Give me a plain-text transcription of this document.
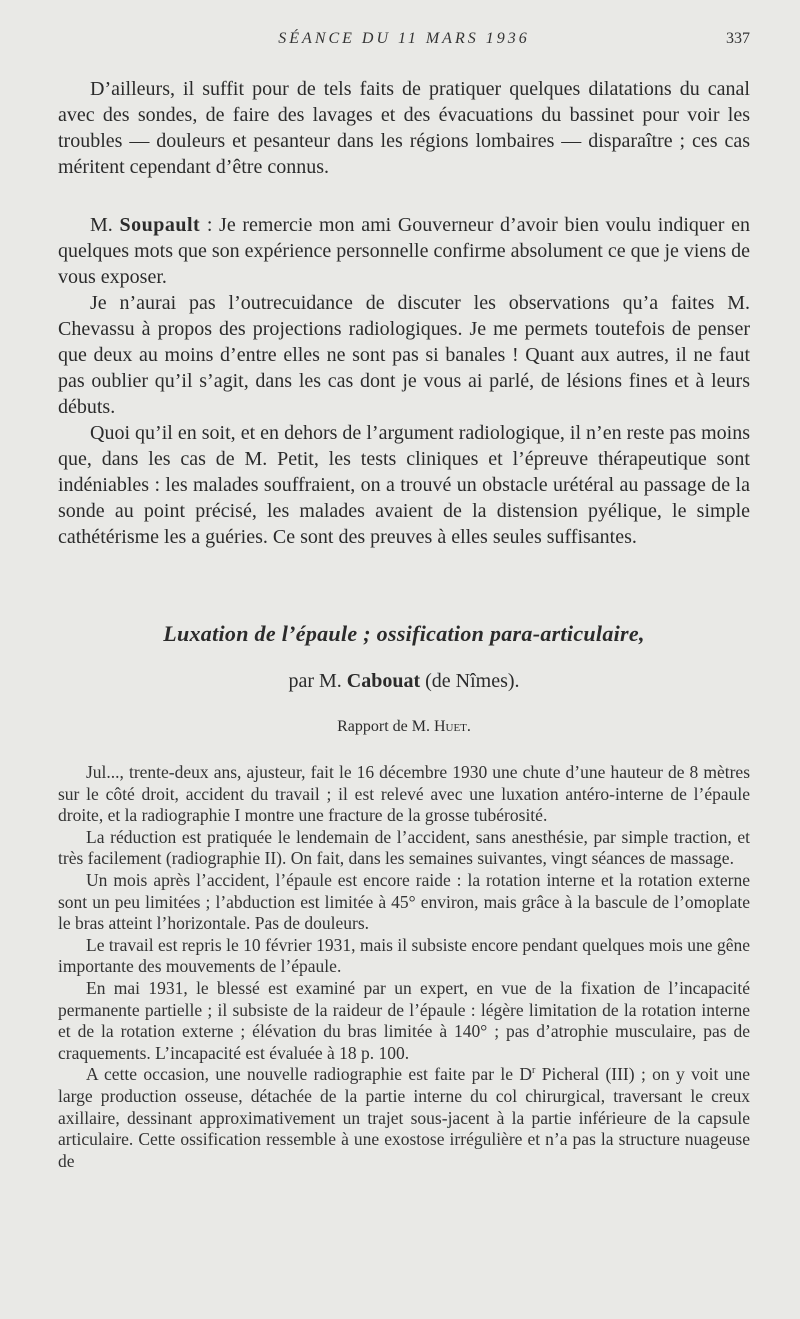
SÉANCE DU 11 MARS 1936	337

D’ailleurs, il suffit pour de tels faits de pratiquer quelques dilatations du canal avec des sondes, de faire des lavages et des évacuations du bassinet pour voir les troubles — douleurs et pesanteur dans les régions lombaires — disparaître ; ces cas méritent cependant d’être connus.

M. Soupault : Je remercie mon ami Gouverneur d’avoir bien voulu indiquer en quelques mots que son expérience personnelle confirme absolument ce que je viens de vous exposer.

Je n’aurai pas l’outrecuidance de discuter les observations qu’a faites M. Chevassu à propos des projections radiologiques. Je me permets toutefois de penser que deux au moins d’entre elles ne sont pas si banales ! Quant aux autres, il ne faut pas oublier qu’il s’agit, dans les cas dont je vous ai parlé, de lésions fines et à leurs débuts.

Quoi qu’il en soit, et en dehors de l’argument radiologique, il n’en reste pas moins que, dans les cas de M. Petit, les tests cliniques et l’épreuve thérapeutique sont indéniables : les malades souffraient, on a trouvé un obstacle urétéral au passage de la sonde au point précisé, les malades avaient de la distension pyélique, le simple cathétérisme les a guéries. Ce sont des preuves à elles seules suffisantes.

Luxation de l’épaule ; ossification para-articulaire,

par M. Cabouat (de Nîmes).

Rapport de M. Huet.

Jul..., trente-deux ans, ajusteur, fait le 16 décembre 1930 une chute d’une hauteur de 8 mètres sur le côté droit, accident du travail ; il est relevé avec une luxation antéro-interne de l’épaule droite, et la radiographie I montre une fracture de la grosse tubérosité.

La réduction est pratiquée le lendemain de l’accident, sans anesthésie, par simple traction, et très facilement (radiographie II). On fait, dans les semaines suivantes, vingt séances de massage.

Un mois après l’accident, l’épaule est encore raide : la rotation interne et la rotation externe sont un peu limitées ; l’abduction est limitée à 45° environ, mais grâce à la bascule de l’omoplate le bras atteint l’horizontale. Pas de douleurs.

Le travail est repris le 10 février 1931, mais il subsiste encore pendant quelques mois une gêne importante des mouvements de l’épaule.

En mai 1931, le blessé est examiné par un expert, en vue de la fixation de l’incapacité permanente partielle ; il subsiste de la raideur de l’épaule : légère limitation de la rotation interne et de la rotation externe ; élévation du bras limitée à 140° ; pas d’atrophie musculaire, pas de craquements. L’incapacité est évaluée à 18 p. 100.

A cette occasion, une nouvelle radiographie est faite par le $D^r$ Picheral (III) ; on y voit une large production osseuse, détachée de la partie interne du col chirurgical, traversant le creux axillaire, dessinant approximativement un trajet sous-jacent à la partie inférieure de la capsule articulaire. Cette ossification ressemble à une exostose irrégulière et n’a pas la structure nuageuse de
